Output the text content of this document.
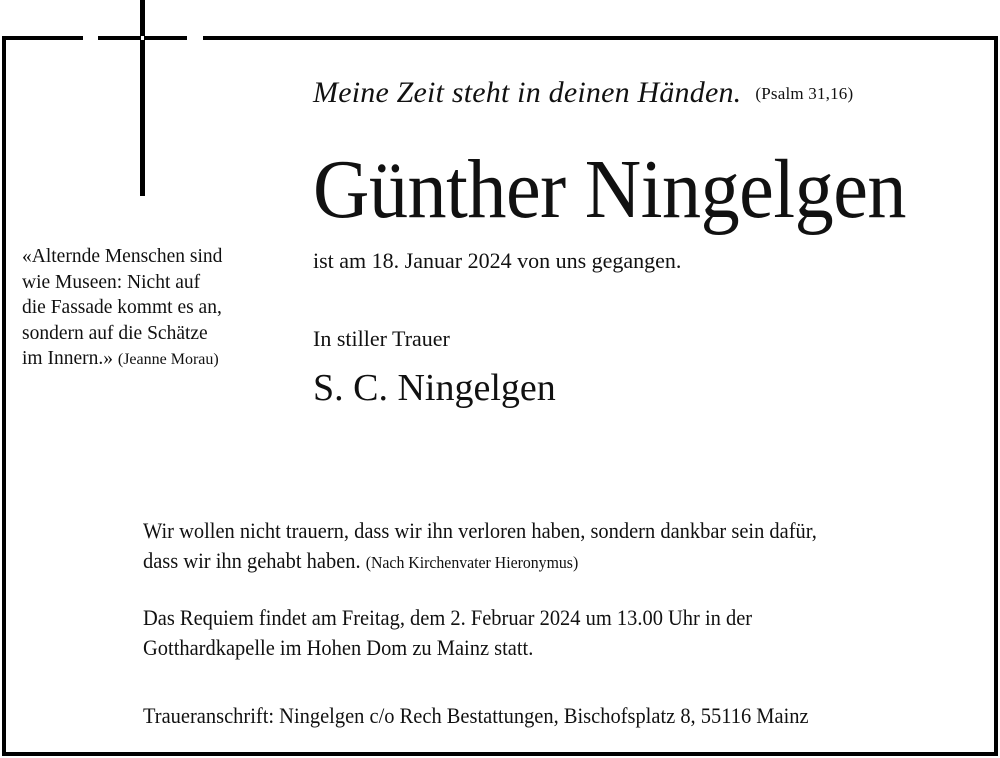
Meine Zeit steht in deinen Händen. (Psalm 31,16)
Günther Ningelgen
ist am 18. Januar 2024 von uns gegangen.
«Alternde Menschen sind
wie Museen: Nicht auf
die Fassade kommt es an,
sondern auf die Schätze
im Innern.» (Jeanne Morau)
In stiller Trauer
S. C. Ningelgen
Wir wollen nicht trauern, dass wir ihn verloren haben, sondern dankbar sein dafür,
dass wir ihn gehabt haben. (Nach Kirchenvater Hieronymus)
Das Requiem findet am Freitag, dem 2. Februar 2024 um 13.00 Uhr in der
Gotthardkapelle im Hohen Dom zu Mainz statt.
Traueranschrift: Ningelgen c/o Rech Bestattungen, Bischofsplatz 8, 55116 Mainz
